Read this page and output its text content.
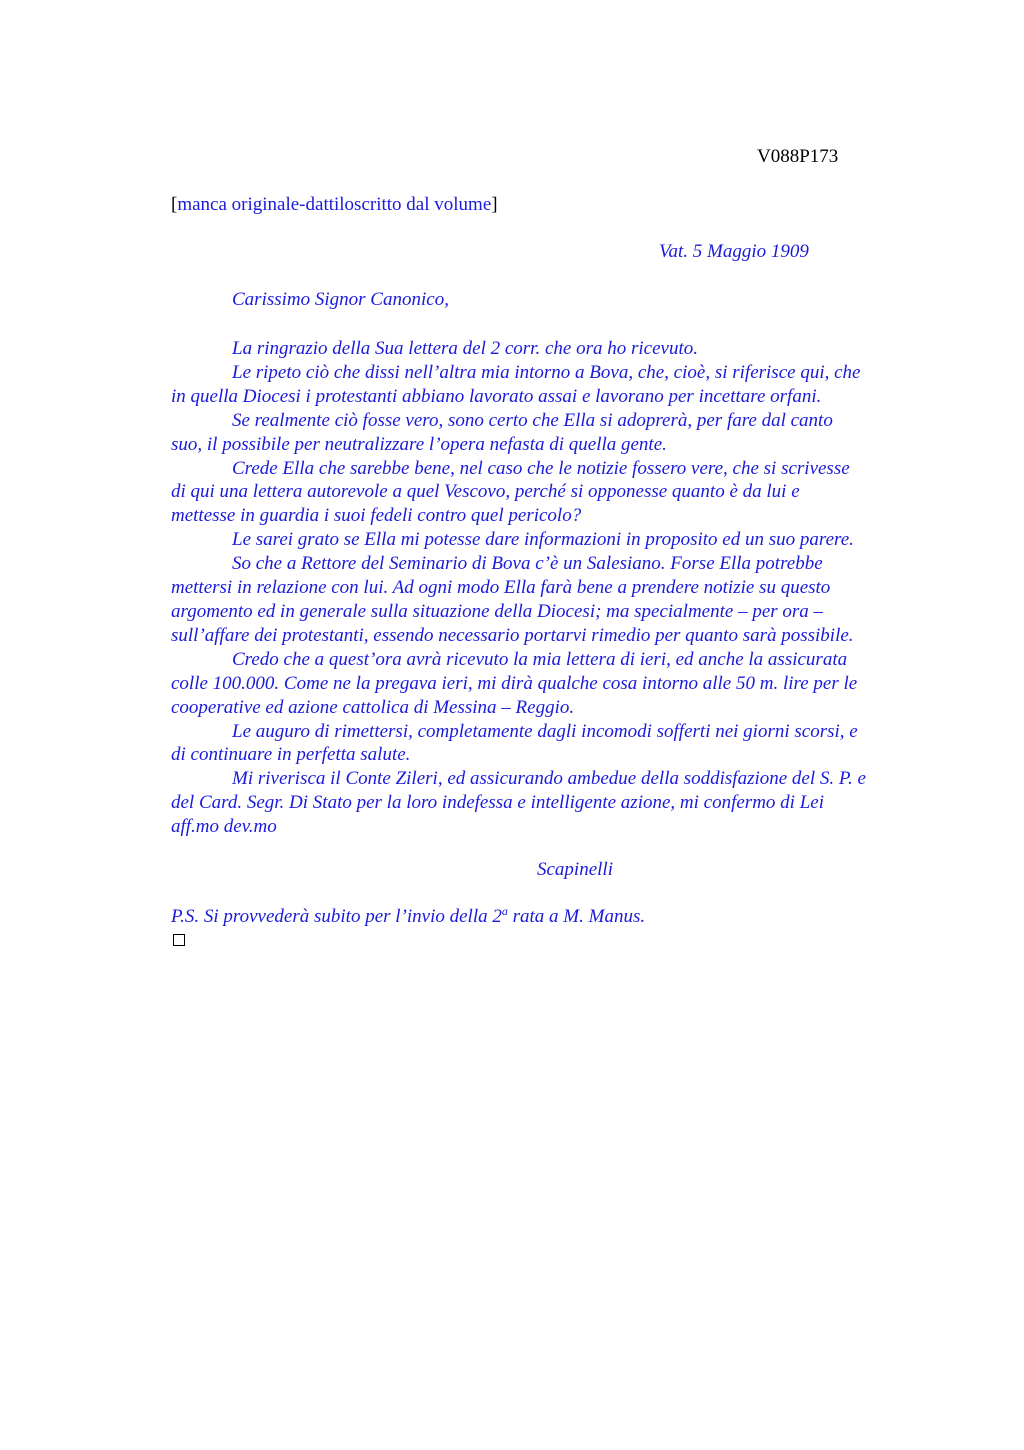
V088P173
[manca originale-dattiloscritto dal volume]
Vat. 5 Maggio 1909
Carissimo Signor Canonico,
La ringrazio della Sua lettera del 2 corr. che ora ho ricevuto.
Le ripeto ciò che dissi nell’altra mia intorno a Bova, che, cioè, si riferisce qui, che
in quella Diocesi i protestanti abbiano lavorato assai e lavorano per incettare orfani.
Se realmente ciò fosse vero, sono certo che Ella si adoprerà, per fare dal canto
suo, il possibile per neutralizzare l’opera nefasta di quella gente.
Crede Ella che sarebbe bene, nel caso che le notizie fossero vere, che si scrivesse
di qui una lettera autorevole a quel Vescovo, perché si opponesse quanto è da lui e
mettesse in guardia i suoi fedeli contro quel pericolo?
Le sarei grato se Ella mi potesse dare informazioni in proposito ed un suo parere.
So che a Rettore del Seminario di Bova c’è un Salesiano. Forse Ella potrebbe
mettersi in relazione con lui. Ad ogni modo Ella farà bene a prendere notizie su questo
argomento ed in generale sulla situazione della Diocesi; ma specialmente – per ora –
sull’affare dei protestanti, essendo necessario portarvi rimedio per quanto sarà possibile.
Credo che a quest’ora avrà ricevuto la mia lettera di ieri, ed anche la assicurata
colle 100.000. Come ne la pregava ieri, mi dirà qualche cosa intorno alle 50 m. lire per le
cooperative ed azione cattolica di Messina – Reggio.
Le auguro di rimettersi, completamente dagli incomodi sofferti nei giorni scorsi, e
di continuare in perfetta salute.
Mi riverisca il Conte Zileri, ed assicurando ambedue della soddisfazione del S. P. e
del Card. Segr. Di Stato per la loro indefessa e intelligente azione, mi confermo di Lei
aff.mo dev.mo
Scapinelli
P.S. Si provvederà subito per l’invio della 2$^a$ rata a M. Manus.
